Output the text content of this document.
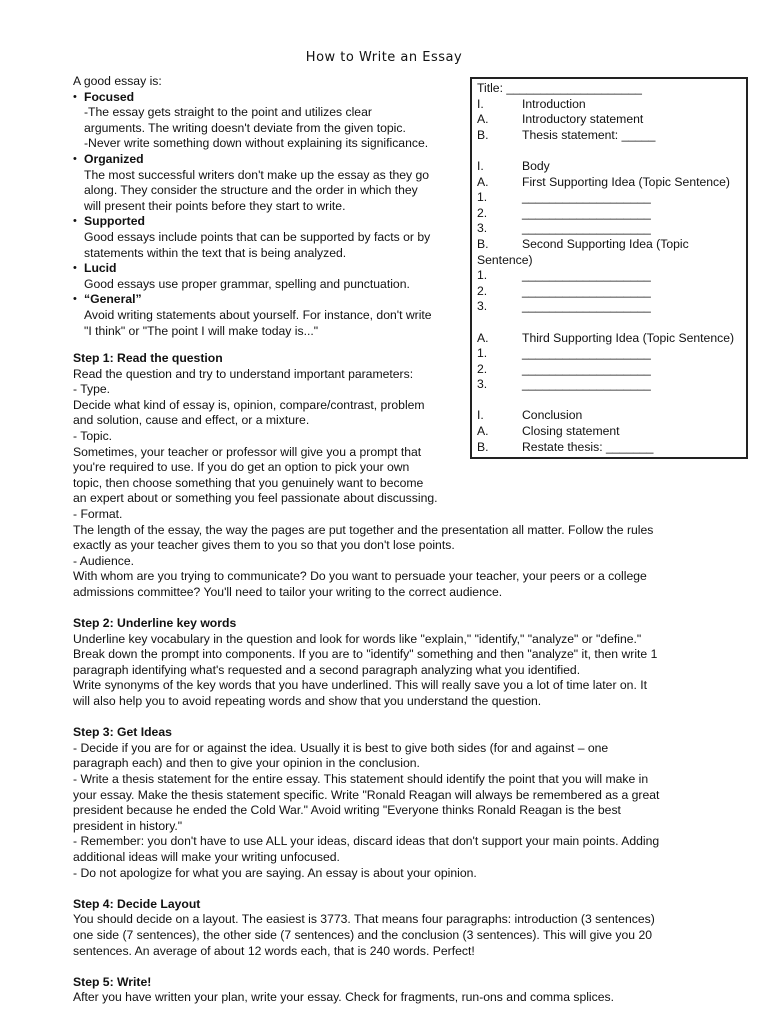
How to Write an Essay

A good essay is:

• Focused
-The essay gets straight to the point and utilizes clear
arguments. The writing doesn't deviate from the given topic.
-Never write something down without explaining its significance.
• Organized
The most successful writers don't make up the essay as they go
along. They consider the structure and the order in which they
will present their points before they start to write.
• Supported
Good essays include points that can be supported by facts or by
statements within the text that is being analyzed.
• Lucid
Good essays use proper grammar, spelling and punctuation.
• “General”
Avoid writing statements about yourself. For instance, don't write
"I think" or "The point I will make today is..."
Title: ____________________
I.	Introduction
A.	Introductory statement
B.	Thesis statement: _____
I.	Body
A.	First Supporting Idea (Topic Sentence)
1.	___________________
2.	___________________
3.	___________________
B.	Second Supporting Idea (Topic
Sentence)
1.	___________________
2.	___________________
3.	___________________
A.	Third Supporting Idea (Topic Sentence)
1.	___________________
2.	___________________
3.	___________________
I.	Conclusion
A.	Closing statement
B.	Restate thesis: _______
Step 1: Read the question
Read the question and try to understand important parameters:
- Type.
Decide what kind of essay is, opinion, compare/contrast, problem
and solution, cause and effect, or a mixture.
- Topic.
Sometimes, your teacher or professor will give you a prompt that
you're required to use. If you do get an option to pick your own
topic, then choose something that you genuinely want to become
an expert about or something you feel passionate about discussing.
- Format.
The length of the essay, the way the pages are put together and the presentation all matter. Follow the rules
exactly as your teacher gives them to you so that you don't lose points.
- Audience.
With whom are you trying to communicate? Do you want to persuade your teacher, your peers or a college
admissions committee? You'll need to tailor your writing to the correct audience.
Step 2: Underline key words
Underline key vocabulary in the question and look for words like "explain," "identify," "analyze" or "define."
Break down the prompt into components. If you are to "identify" something and then "analyze" it, then write 1
paragraph identifying what's requested and a second paragraph analyzing what you identified.
Write synonyms of the key words that you have underlined. This will really save you a lot of time later on. It
will also help you to avoid repeating words and show that you understand the question.
Step 3: Get Ideas
- Decide if you are for or against the idea. Usually it is best to give both sides (for and against – one
paragraph each) and then to give your opinion in the conclusion.
- Write a thesis statement for the entire essay. This statement should identify the point that you will make in
your essay. Make the thesis statement specific. Write "Ronald Reagan will always be remembered as a great
president because he ended the Cold War." Avoid writing "Everyone thinks Ronald Reagan is the best
president in history."
- Remember: you don't have to use ALL your ideas, discard ideas that don't support your main points. Adding
additional ideas will make your writing unfocused.
- Do not apologize for what you are saying. An essay is about your opinion.
Step 4: Decide Layout
You should decide on a layout. The easiest is 3773. That means four paragraphs: introduction (3 sentences)
one side (7 sentences), the other side (7 sentences) and the conclusion (3 sentences). This will give you 20
sentences. An average of about 12 words each, that is 240 words. Perfect!
Step 5: Write!
After you have written your plan, write your essay. Check for fragments, run-ons and comma splices.
